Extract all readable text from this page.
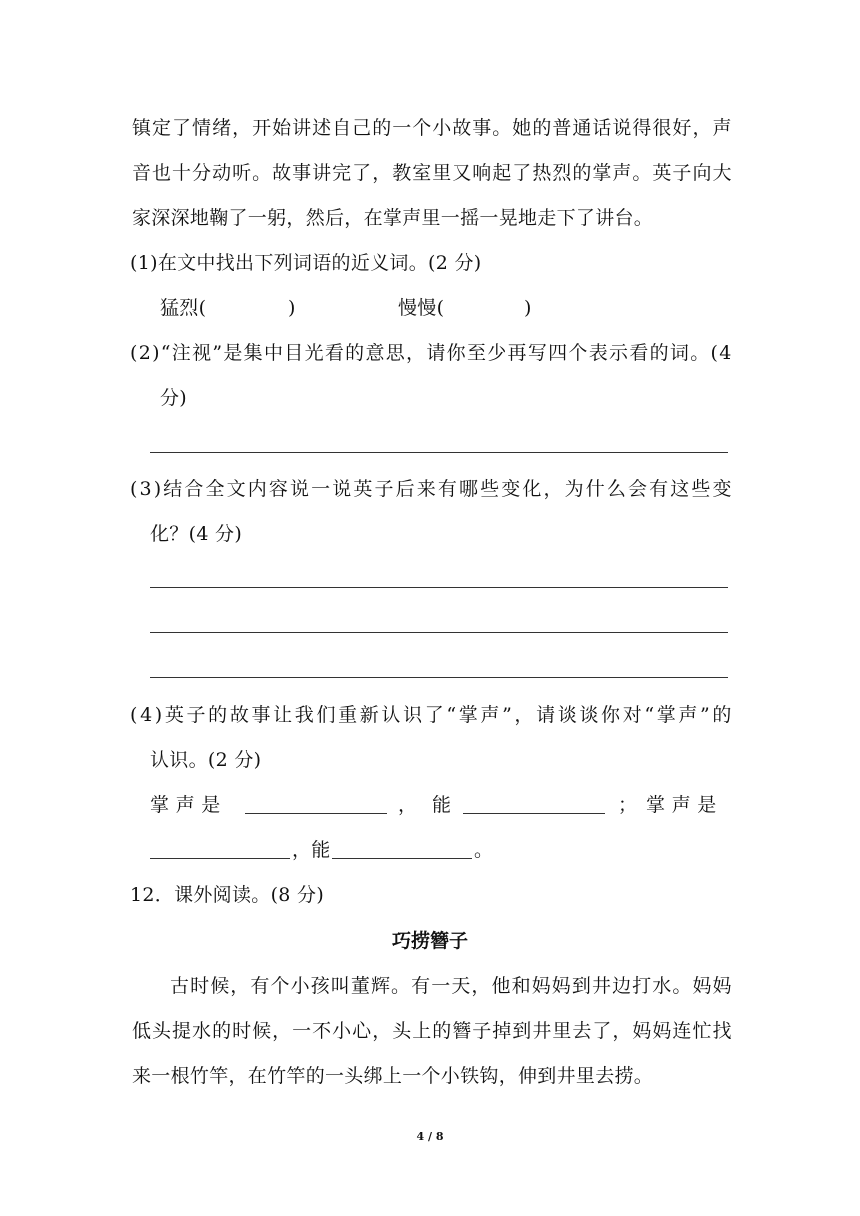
镇 定 了 情 绪 ， 开 始 讲 述 自 己 的 一 个 小 故 事 。 她 的 普 通 话 说 得 很 好 ， 声
音 也 十 分 动 听 。 故 事 讲 完 了 ， 教 室 里 又 响 起 了 热 烈 的 掌 声 。 英 子 向 大
家深深地鞠了一躬，然后，在掌声里一摇一晃地走下了讲台。
(1)在文中找出下列词语的近义词。(2 分)
猛烈(	)	慢慢(	)
( 2 ) “ 注 视 ” 是 集 中 目 光 看 的 意 思 ， 请 你 至 少 再 写 四 个 表 示 看 的 词 。 ( 4
分)
( 3 ) 结 合 全 文 内 容 说 一 说 英 子 后 来 有 哪 些 变 化 ， 为 什 么 会 有 这 些 变
化？(4 分)
( 4 ) 英 子 的 故 事 让 我 们 重 新 认 识 了 “ 掌 声 ” ， 请 谈 谈 你 对 “ 掌 声 ” 的
认识。(2 分)
掌 声 是	， 能	； 掌 声 是
，能	。
12．课外阅读。(8 分)
巧捞簪子
古 时 候 ， 有 个 小 孩 叫 董 辉 。 有 一 天 ， 他 和 妈 妈 到 井 边 打 水 。 妈 妈
低 头 提 水 的 时 候 ， 一 不 小 心 ， 头 上 的 簪 子 掉 到 井 里 去 了 ， 妈 妈 连 忙 找
来一根竹竿，在竹竿的一头绑上一个小铁钩，伸到井里去捞。
4 / 8
